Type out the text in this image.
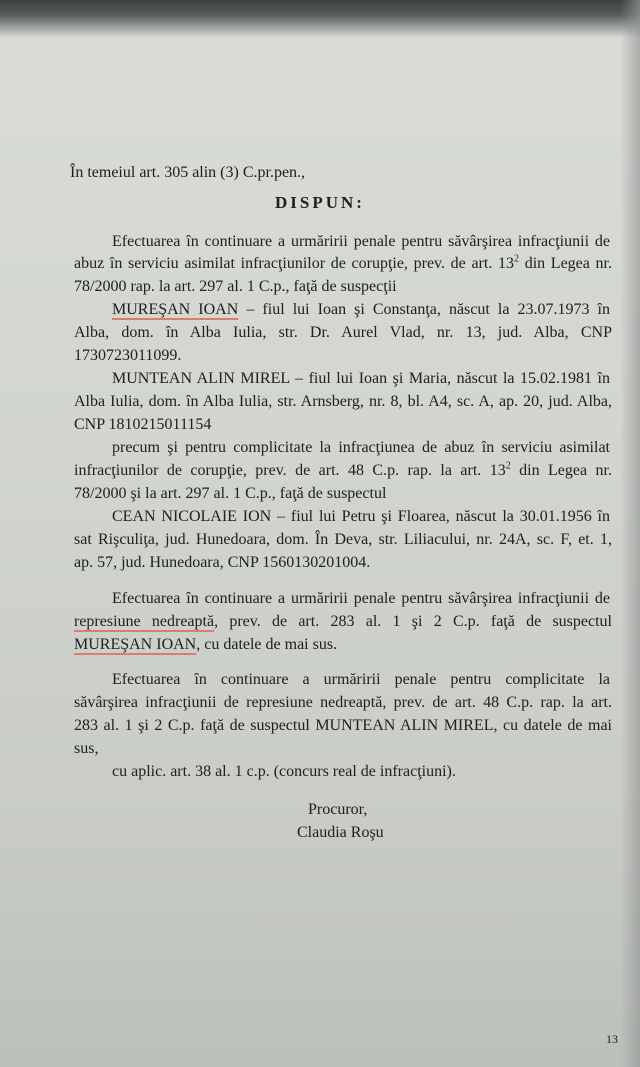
În temeiul art. 305 alin (3) C.pr.pen.,
DISPUN:
Efectuarea în continuare a urmăririi penale pentru săvârşirea infracţiunii de
abuz în serviciu asimilat infracţiunilor de corupţie, prev. de art. $13^2$ din Legea nr.
78/2000 rap. la art. 297 al. 1 C.p., faţă de suspecţii
MUREŞAN IOAN – fiul lui Ioan şi Constanţa, născut la 23.07.1973 în
Alba, dom. în Alba Iulia, str. Dr. Aurel Vlad, nr. 13, jud. Alba, CNP
1730723011099.
MUNTEAN ALIN MIREL – fiul lui Ioan şi Maria, născut la 15.02.1981 în
Alba Iulia, dom. în Alba Iulia, str. Arnsberg, nr. 8, bl. A4, sc. A, ap. 20, jud. Alba,
CNP 1810215011154
precum şi pentru complicitate la infracţiunea de abuz în serviciu asimilat
infracţiunilor de corupţie, prev. de art. 48 C.p. rap. la art. $13^2$ din Legea nr.
78/2000 şi la art. 297 al. 1 C.p., faţă de suspectul
CEAN NICOLAIE ION – fiul lui Petru şi Floarea, născut la 30.01.1956 în
sat Rişculiţa, jud. Hunedoara, dom. În Deva, str. Liliacului, nr. 24A, sc. F, et. 1,
ap. 57, jud. Hunedoara, CNP 1560130201004.
Efectuarea în continuare a urmăririi penale pentru săvârşirea infracţiunii de
represiune nedreaptă, prev. de art. 283 al. 1 şi 2 C.p. faţă de suspectul
MUREŞAN IOAN, cu datele de mai sus.
Efectuarea în continuare a urmăririi penale pentru complicitate la
săvârşirea infracţiunii de represiune nedreaptă, prev. de art. 48 C.p. rap. la art.
283 al. 1 şi 2 C.p. faţă de suspectul MUNTEAN ALIN MIREL, cu datele de mai
sus,
cu aplic. art. 38 al. 1 c.p. (concurs real de infracţiuni).
Procuror,
Claudia Roşu
13
